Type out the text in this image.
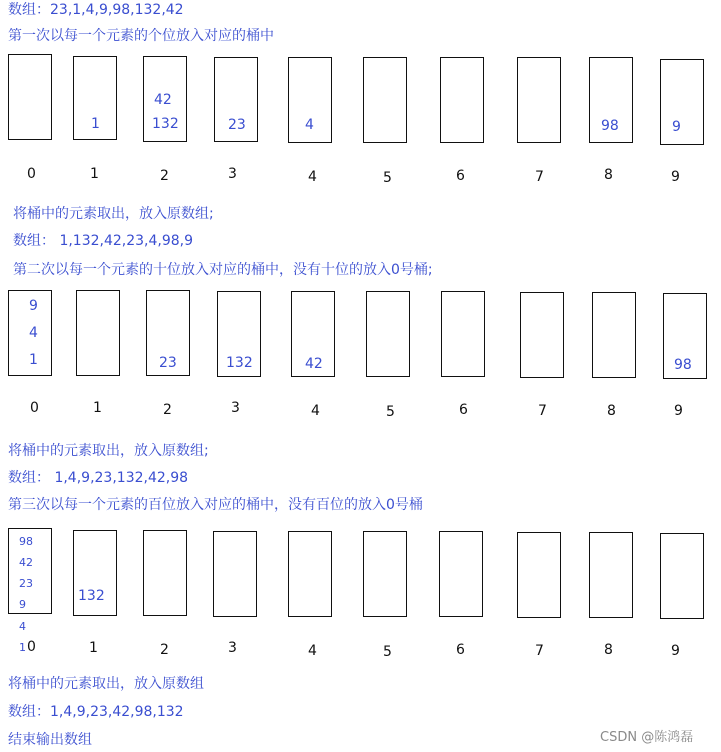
数组：23,1,4,9,98,132,42
第一次以每一个元素的个位放入对应的桶中
1
42
132	23	4	98	9
0	1	2	3	4	5	6	7	8	9
将桶中的元素取出，放入原数组;
数组： 1,132,42,23,4,98,9
第二次以每一个元素的十位放入对应的桶中，没有十位的放入0号桶;
9
4
1	23	132	42	98
0	1	2	3	4	5	6	7	8	9
将桶中的元素取出，放入原数组;
数组： 1,4,9,23,132,42,98
第三次以每一个元素的百位放入对应的桶中，没有百位的放入0号桶
98
42
23
9
4
1
132
0	1	2	3	4	5	6	7	8	9
将桶中的元素取出，放入原数组
数组：1,4,9,23,42,98,132
结束输出数组	CSDN @陈鸿磊
